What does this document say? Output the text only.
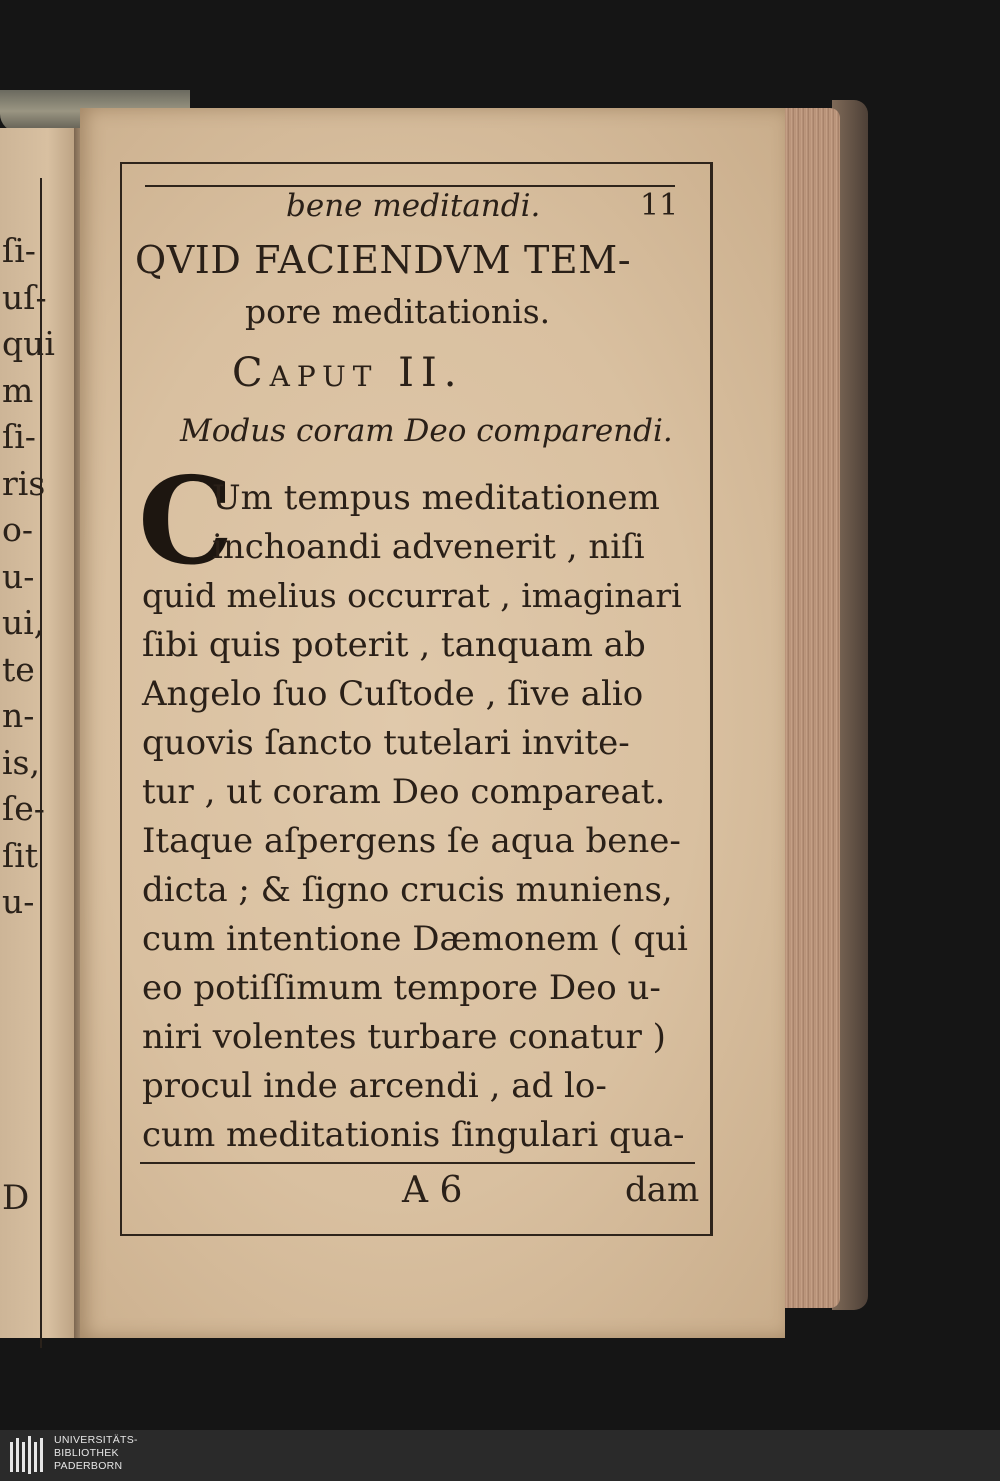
ſi-
uſ-
qui
m
ſi-
ris
o-
u-
ui,
te
n-
is,
ſe-
ſit
u-
D
bene meditandi.	11
QVID FACIENDVM TEM-
pore meditationis.
Caput II.
Modus coram Deo comparendi.
C
Um tempus meditationem
inchoandi advenerit , niſi
quid melius occurrat , imaginari
ſibi quis poterit , tanquam ab
Angelo ſuo Cuſtode , ſive alio
quovis ſancto tutelari invite-
tur , ut coram Deo compareat.
Itaque aſpergens ſe aqua bene-
dicta ; & ſigno crucis muniens,
cum intentione Dæmonem ( qui
eo potiſſimum tempore Deo u-
niri volentes turbare conatur )
procul inde arcendi , ad lo-
cum meditationis ſingulari qua-
A 6	dam
UNIVERSITÄTS-
BIBLIOTHEK
PADERBORN
